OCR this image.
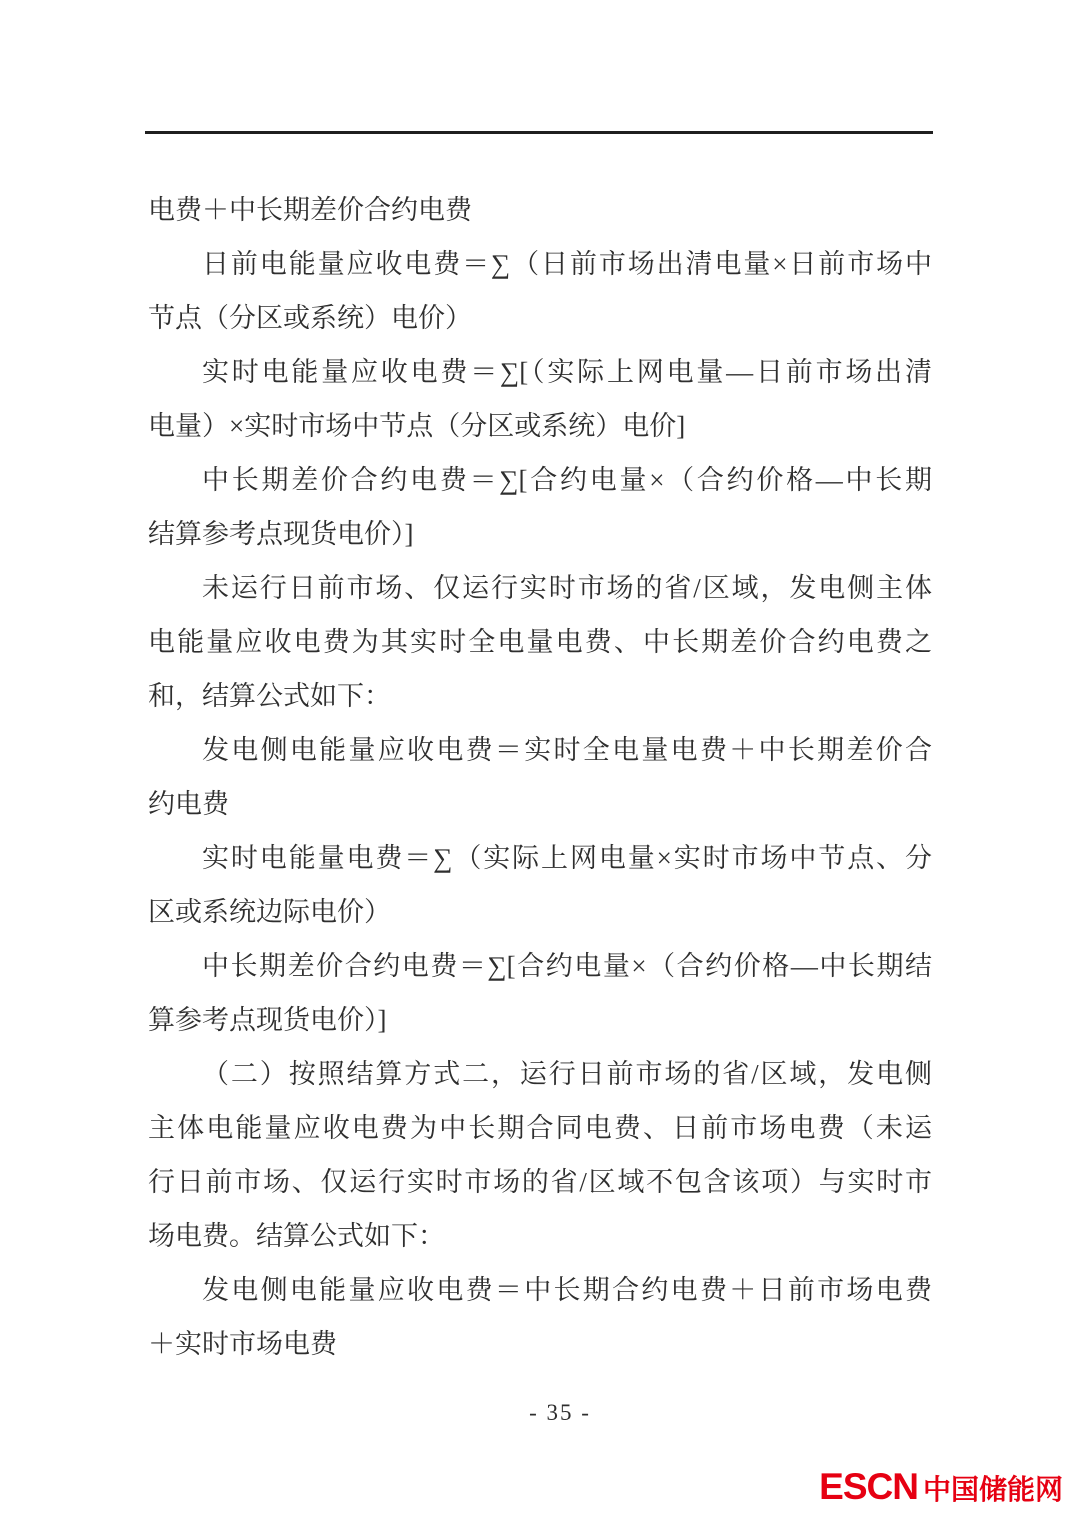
电费＋中长期差价合约电费
日前电能量应收电费＝∑（日前市场出清电量×日前市场中
节点（分区或系统）电价）
实时电能量应收电费＝∑[（实际上网电量—日前市场出清
电量）×实时市场中节点（分区或系统）电价]
中长期差价合约电费＝∑[合约电量×（合约价格—中长期
结算参考点现货电价）]
未运行日前市场、仅运行实时市场的省/区域，发电侧主体
电能量应收电费为其实时全电量电费、中长期差价合约电费之
和，结算公式如下：
发电侧电能量应收电费＝实时全电量电费＋中长期差价合
约电费
实时电能量电费＝∑（实际上网电量×实时市场中节点、分
区或系统边际电价）
中长期差价合约电费＝∑[合约电量×（合约价格—中长期结
算参考点现货电价）]
（二）按照结算方式二，运行日前市场的省/区域，发电侧
主体电能量应收电费为中长期合同电费、日前市场电费（未运
行日前市场、仅运行实时市场的省/区域不包含该项）与实时市
场电费。结算公式如下：
发电侧电能量应收电费＝中长期合约电费＋日前市场电费
＋实时市场电费
- 35 -
ESCN 中国储能网
